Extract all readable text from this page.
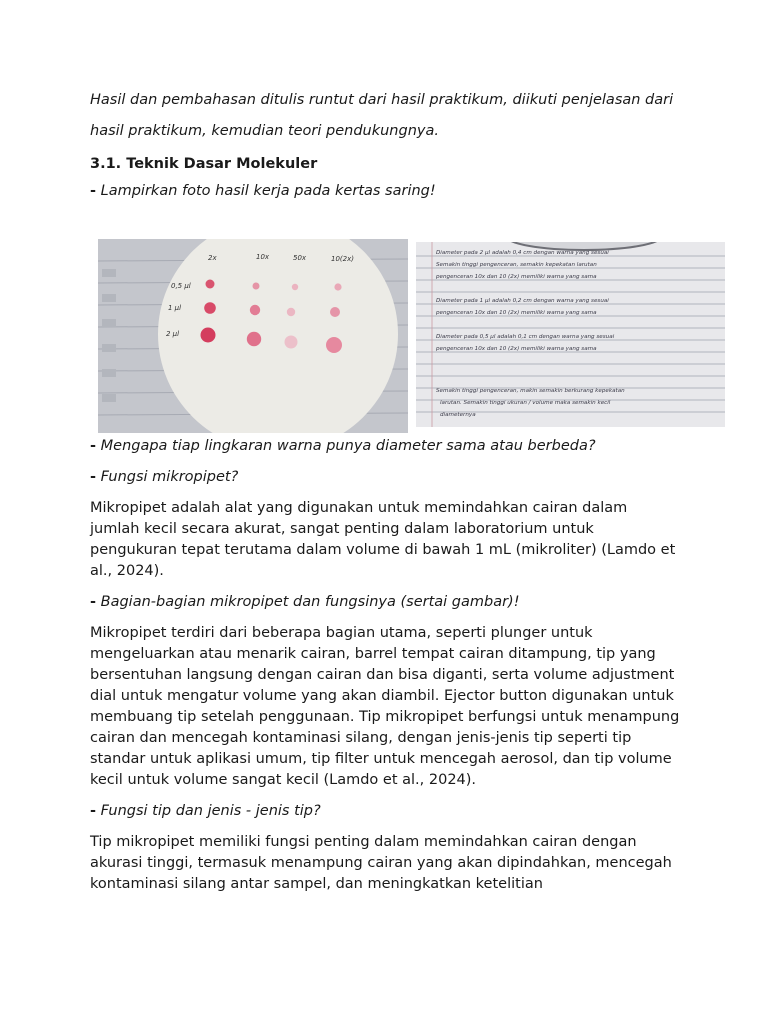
Hasil dan pembahasan ditulis runtut dari hasil praktikum, diikuti penjelasan dari

hasil praktikum, kemudian teori pendukungnya.

3.1. Teknik Dasar Molekuler

- Lampirkan foto hasil kerja pada kertas saring!

- Mengapa tiap lingkaran warna punya diameter sama atau berbeda?

- Fungsi mikropipet?

Mikropipet adalah alat yang digunakan untuk memindahkan cairan dalam jumlah kecil secara akurat, sangat penting dalam laboratorium untuk pengukuran tepat terutama dalam volume di bawah 1 mL (mikroliter) (Lamdo et al., 2024).

- Bagian-bagian mikropipet dan fungsinya (sertai gambar)!

Mikropipet terdiri dari beberapa bagian utama, seperti plunger untuk mengeluarkan atau menarik cairan, barrel tempat cairan ditampung, tip yang bersentuhan langsung dengan cairan dan bisa diganti, serta volume adjustment dial untuk mengatur volume yang akan diambil. Ejector button digunakan untuk membuang tip setelah penggunaan. Tip mikropipet berfungsi untuk menampung cairan dan mencegah kontaminasi silang, dengan jenis-jenis tip seperti tip standar untuk aplikasi umum, tip filter untuk mencegah aerosol, dan tip volume kecil untuk volume sangat kecil (Lamdo et al., 2024).

- Fungsi tip dan jenis - jenis tip?

Tip mikropipet memiliki fungsi penting dalam memindahkan cairan dengan akurasi tinggi, termasuk menampung cairan yang akan dipindahkan, mencegah kontaminasi silang antar sampel, dan meningkatkan ketelitian

2x	10x	50x	10(2x)
0,5 µl
1 µl
2 µl
Diameter pada 2 µl adalah 0,4 cm dengan warna yang sesuai
Semakin tinggi pengenceran, semakin kepekatan larutan
pengenceran 10x dan 10 (2x) memiliki warna yang sama
Diameter pada 1 µl adalah 0,2 cm dengan warna yang sesuai
pengenceran 10x dan 10 (2x) memiliki warna yang sama
Diameter pada 0,5 µl adalah 0,1 cm dengan warna yang sesuai
pengenceran 10x dan 10 (2x) memiliki warna yang sama
Semakin tinggi pengenceran, makin semakin berkurang kepekatan
larutan. Semakin tinggi ukuran / volume maka semakin kecil
diameternya
